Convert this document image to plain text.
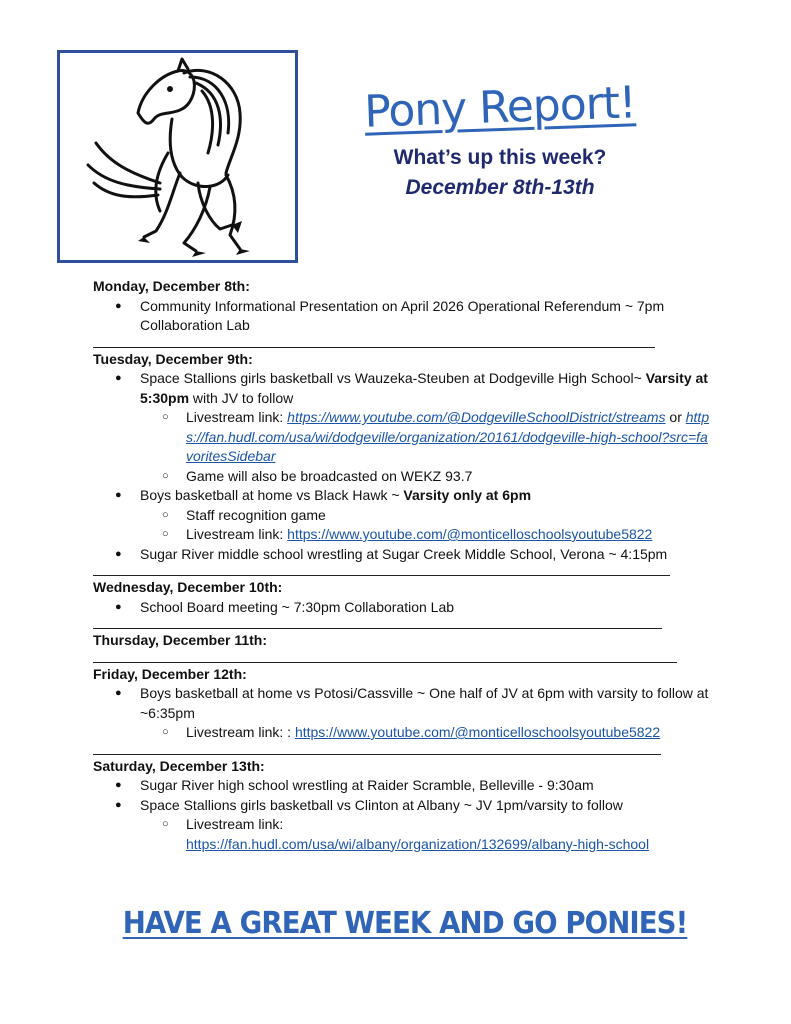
Pony Report!
What’s up this week?
December 8th-13th
Monday, December 8th:
● Community Informational Presentation on April 2026 Operational Referendum ~ 7pm Collaboration Lab
Tuesday, December 9th:
● Space Stallions girls basketball vs Wauzeka-Steuben at Dodgeville High School~ Varsity at 5:30pm with JV to follow
○ Livestream link: https://www.youtube.com/@DodgevilleSchoolDistrict/streams or https://fan.hudl.com/usa/wi/dodgeville/organization/20161/dodgeville-high-school?src=favoritesSidebar
○ Game will also be broadcasted on WEKZ 93.7
● Boys basketball at home vs Black Hawk ~ Varsity only at 6pm
○ Staff recognition game
○ Livestream link: https://www.youtube.com/@monticelloschoolsyoutube5822
● Sugar River middle school wrestling at Sugar Creek Middle School, Verona ~ 4:15pm
Wednesday, December 10th:
● School Board meeting ~ 7:30pm Collaboration Lab
Thursday, December 11th:
Friday, December 12th:
● Boys basketball at home vs Potosi/Cassville ~ One half of JV at 6pm with varsity to follow at ~6:35pm
○ Livestream link: : https://www.youtube.com/@monticelloschoolsyoutube5822
Saturday, December 13th:
● Sugar River high school wrestling at Raider Scramble, Belleville - 9:30am
● Space Stallions girls basketball vs Clinton at Albany ~ JV 1pm/varsity to follow
○ Livestream link:
https://fan.hudl.com/usa/wi/albany/organization/132699/albany-high-school
HAVE A GREAT WEEK AND GO PONIES!
